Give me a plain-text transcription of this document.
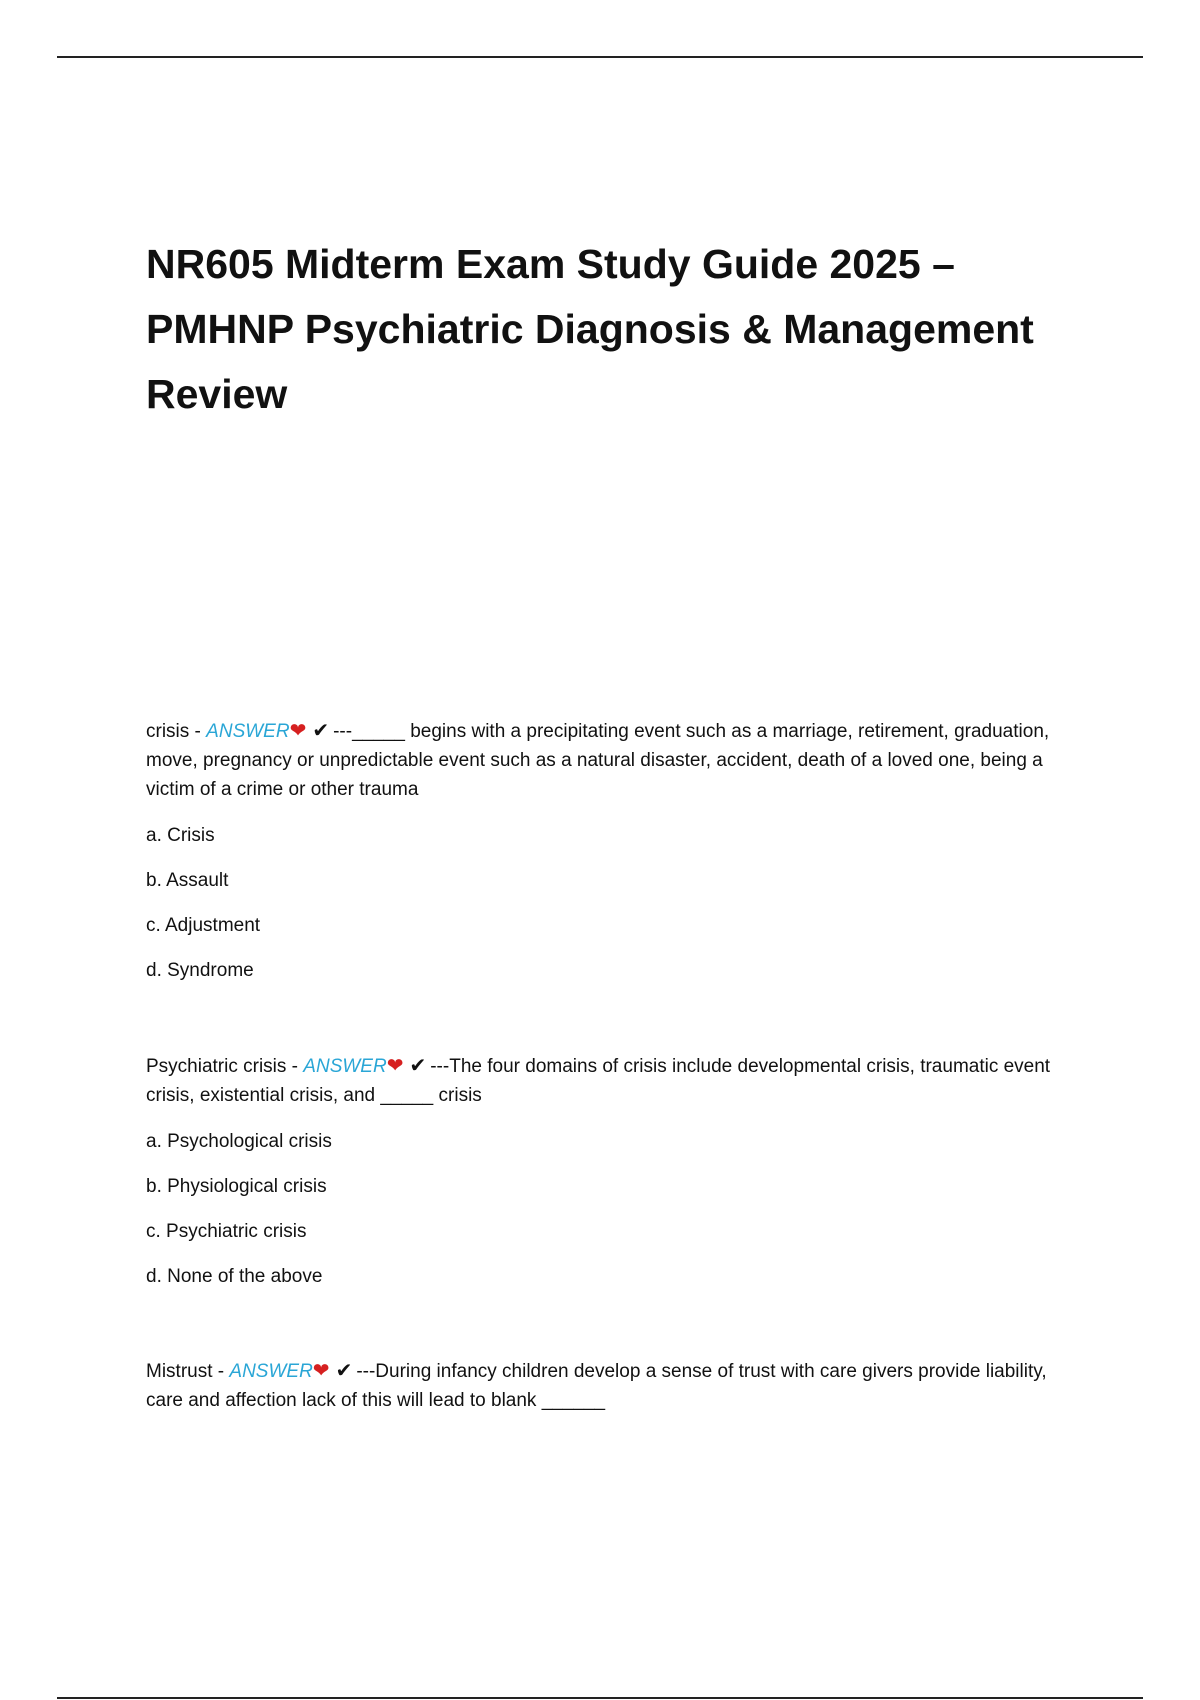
NR605 Midterm Exam Study Guide 2025 – PMHNP Psychiatric Diagnosis & Management Review

crisis - ANSWER❤ ✔ ---_____ begins with a precipitating event such as a marriage, retirement, graduation, move, pregnancy or unpredictable event such as a natural disaster, accident, death of a loved one, being a victim of a crime or other trauma

a. Crisis
b. Assault
c. Adjustment
d. Syndrome

Psychiatric crisis - ANSWER❤ ✔ ---The four domains of crisis include developmental crisis, traumatic event crisis, existential crisis, and _____ crisis

a. Psychological crisis
b. Physiological crisis
c. Psychiatric crisis
d. None of the above

Mistrust - ANSWER❤ ✔ ---During infancy children develop a sense of trust with care givers provide liability, care and affection lack of this will lead to blank ______
